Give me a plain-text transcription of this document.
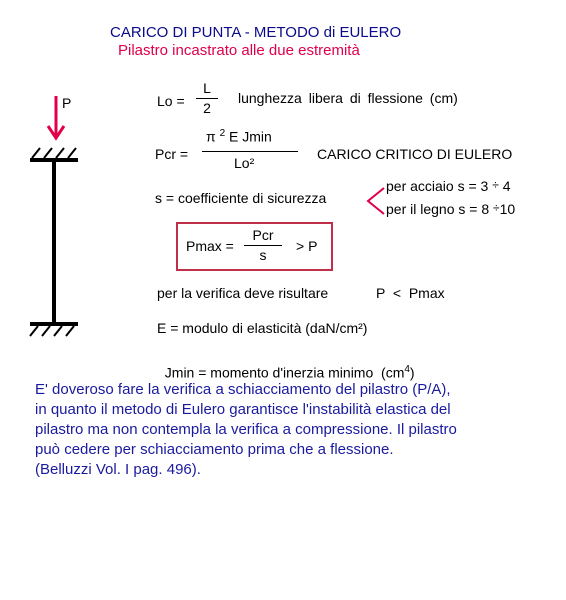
CARICO DI PUNTA - METODO di EULERO
Pilastro incastrato alle due estremità
P	Lo =
L
2
lunghezza libera di flessione (cm)
Pcr =
π $^2$ E Jmin
Lo²
CARICO CRITICO DI EULERO
s = coefficiente di sicurezza
per acciaio s = 3 ÷ 4
per il legno s = 8 ÷10
Pmax =
Pcr
s
> P
per la verifica deve risultare	P  <  Pmax
E = modulo di elasticità (daN/cm²)

Jmin = momento d'inerzia minimo  $(cm^4)$

E' doveroso fare la verifica a schiacciamento del pilastro (P/A),
in quanto il metodo di Eulero garantisce l'instabilità elastica del
pilastro ma non contempla la verifica a compressione. Il pilastro
può cedere per schiacciamento prima che a flessione.
(Belluzzi Vol. I pag. 496).
